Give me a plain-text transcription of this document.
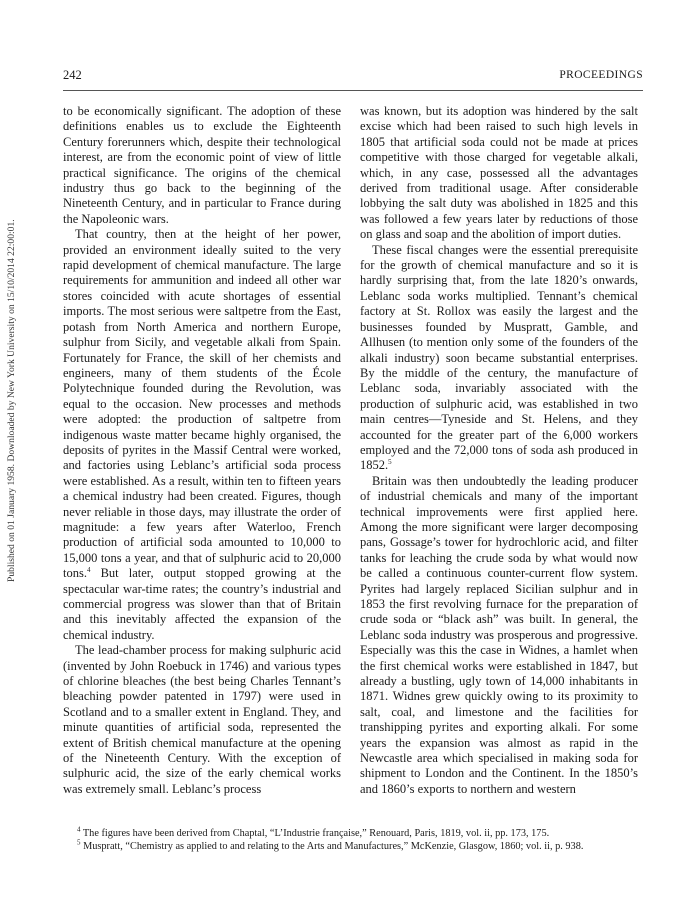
Published on 01 January 1958. Downloaded by New York University on 15/10/2014 22:00:01.
242	PROCEEDINGS

to be economically significant. The adoption of these definitions enables us to exclude the Eighteenth Century forerunners which, despite their technological interest, are from the economic point of view of little practical significance. The origins of the chemical industry thus go back to the beginning of the Nineteenth Century, and in particular to France during the Napoleonic wars.

That country, then at the height of her power, provided an environment ideally suited to the very rapid development of chemical manufacture. The large requirements for ammunition and indeed all other war stores coincided with acute shortages of essential imports. The most serious were saltpetre from the East, potash from North America and northern Europe, sulphur from Sicily, and vegetable alkali from Spain. Fortunately for France, the skill of her chemists and engineers, many of them students of the École Polytechnique founded during the Revolution, was equal to the occasion. New processes and methods were adopted: the production of saltpetre from indigenous waste matter became highly organised, the deposits of pyrites in the Massif Central were worked, and factories using Leblanc’s artificial soda process were established. As a result, within ten to fifteen years a chemical industry had been created. Figures, though never reliable in those days, may illustrate the order of magnitude: a few years after Waterloo, French production of artificial soda amounted to 10,000 to 15,000 tons a year, and that of sulphuric acid to 20,000 tons.$^4$ But later, output stopped growing at the spectacular war-time rates; the country’s industrial and commercial progress was slower than that of Britain and this inevitably affected the expansion of the chemical industry.

The lead-chamber process for making sulphuric acid (invented by John Roebuck in 1746) and various types of chlorine bleaches (the best being Charles Tennant’s bleaching powder patented in 1797) were used in Scotland and to a smaller extent in England. They, and minute quantities of artificial soda, represented the extent of British chemical manufacture at the opening of the Nineteenth Century. With the exception of sulphuric acid, the size of the early chemical works was extremely small. Leblanc’s process

was known, but its adoption was hindered by the salt excise which had been raised to such high levels in 1805 that artificial soda could not be made at prices competitive with those charged for vegetable alkali, which, in any case, possessed all the advantages derived from traditional usage. After considerable lobbying the salt duty was abolished in 1825 and this was followed a few years later by reductions of those on glass and soap and the abolition of import duties.

These fiscal changes were the essential prerequisite for the growth of chemical manufacture and so it is hardly surprising that, from the late 1820’s onwards, Leblanc soda works multiplied. Tennant’s chemical factory at St. Rollox was easily the largest and the businesses founded by Muspratt, Gamble, and Allhusen (to mention only some of the founders of the alkali industry) soon became substantial enterprises. By the middle of the century, the manufacture of Leblanc soda, invariably associated with the production of sulphuric acid, was established in two main centres—Tyneside and St. Helens, and they accounted for the greater part of the 6,000 workers employed and the 72,000 tons of soda ash produced in 1852.$^5$

Britain was then undoubtedly the leading producer of industrial chemicals and many of the important technical improvements were first applied here. Among the more significant were larger decomposing pans, Gossage’s tower for hydrochloric acid, and filter tanks for leaching the crude soda by what would now be called a continuous counter-current flow system. Pyrites had largely replaced Sicilian sulphur and in 1853 the first revolving furnace for the preparation of crude soda or “black ash” was built. In general, the Leblanc soda industry was prosperous and progressive. Especially was this the case in Widnes, a hamlet when the first chemical works were established in 1847, but already a bustling, ugly town of 14,000 inhabitants in 1871. Widnes grew quickly owing to its proximity to salt, coal, and limestone and the facilities for transhipping pyrites and exporting alkali. For some years the expansion was almost as rapid in the Newcastle area which specialised in making soda for shipment to London and the Continent. In the 1850’s and 1860’s exports to northern and western

$^4$ The figures have been derived from Chaptal, “L’Industrie française,” Renouard, Paris, 1819, vol. ii, pp. 173, 175.

$^5$ Muspratt, “Chemistry as applied to and relating to the Arts and Manufactures,” McKenzie, Glasgow, 1860; vol. ii, p. 938.
